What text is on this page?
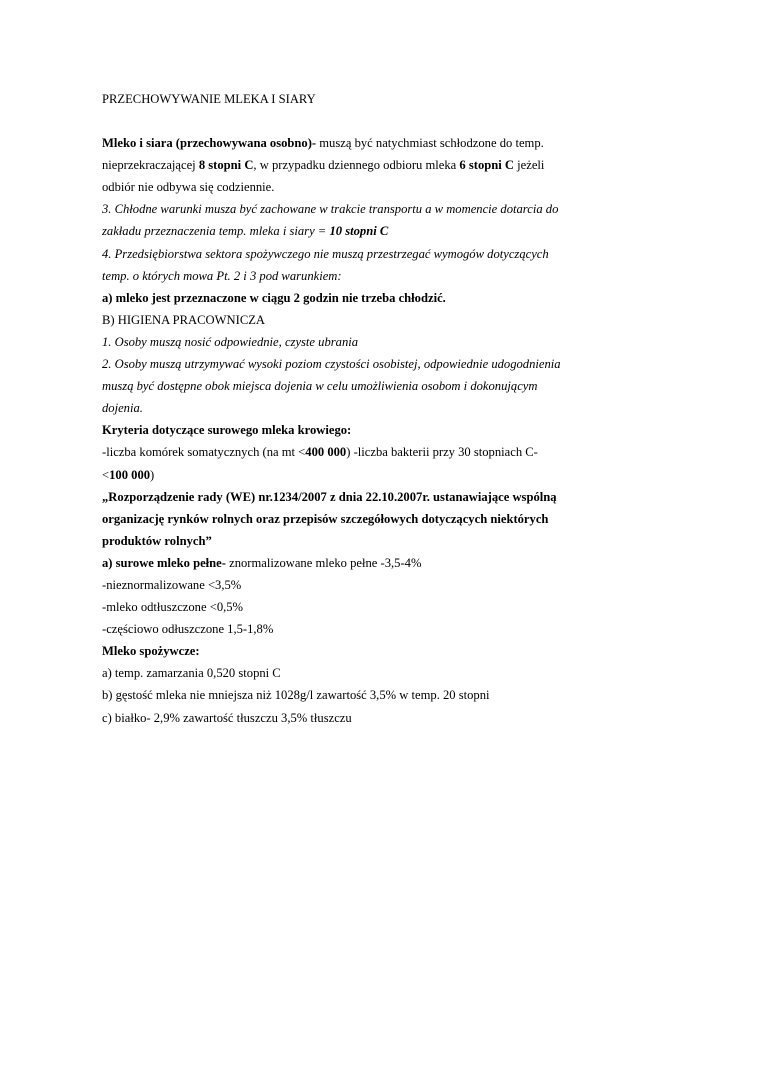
PRZECHOWYWANIE MLEKA I SIARY

Mleko i siara (przechowywana osobno)- muszą być natychmiast schłodzone do temp.

nieprzekraczającej 8 stopni C, w przypadku dziennego odbioru mleka 6 stopni C jeżeli

odbiór nie odbywa się codziennie.

3. Chłodne warunki musza być zachowane w trakcie transportu a w momencie dotarcia do

zakładu przeznaczenia temp. mleka i siary = 10 stopni C

4. Przedsiębiorstwa sektora spożywczego nie muszą przestrzegać wymogów dotyczących

temp. o których mowa Pt. 2 i 3 pod warunkiem:

a) mleko jest przeznaczone w ciągu 2 godzin nie trzeba chłodzić.

B) HIGIENA PRACOWNICZA

1. Osoby muszą nosić odpowiednie, czyste ubrania

2. Osoby muszą utrzymywać wysoki poziom czystości osobistej, odpowiednie udogodnienia

muszą być dostępne obok miejsca dojenia w celu umożliwienia osobom i dokonującym

dojenia.

Kryteria dotyczące surowego mleka krowiego:

-liczba komórek somatycznych (na mt <400 000) -liczba bakterii przy 30 stopniach C-

<100 000)

„Rozporządzenie rady (WE) nr.1234/2007 z dnia 22.10.2007r. ustanawiające wspólną

organizację rynków rolnych oraz przepisów szczegółowych dotyczących niektórych

produktów rolnych”

a) surowe mleko pełne- znormalizowane mleko pełne -3,5-4%

-nieznormalizowane <3,5%

-mleko odtłuszczone <0,5%

-częściowo odłuszczone 1,5-1,8%

Mleko spożywcze:

a) temp. zamarzania 0,520 stopni C

b) gęstość mleka nie mniejsza niż 1028g/l zawartość 3,5% w temp. 20 stopni

c) białko- 2,9% zawartość tłuszczu 3,5% tłuszczu
